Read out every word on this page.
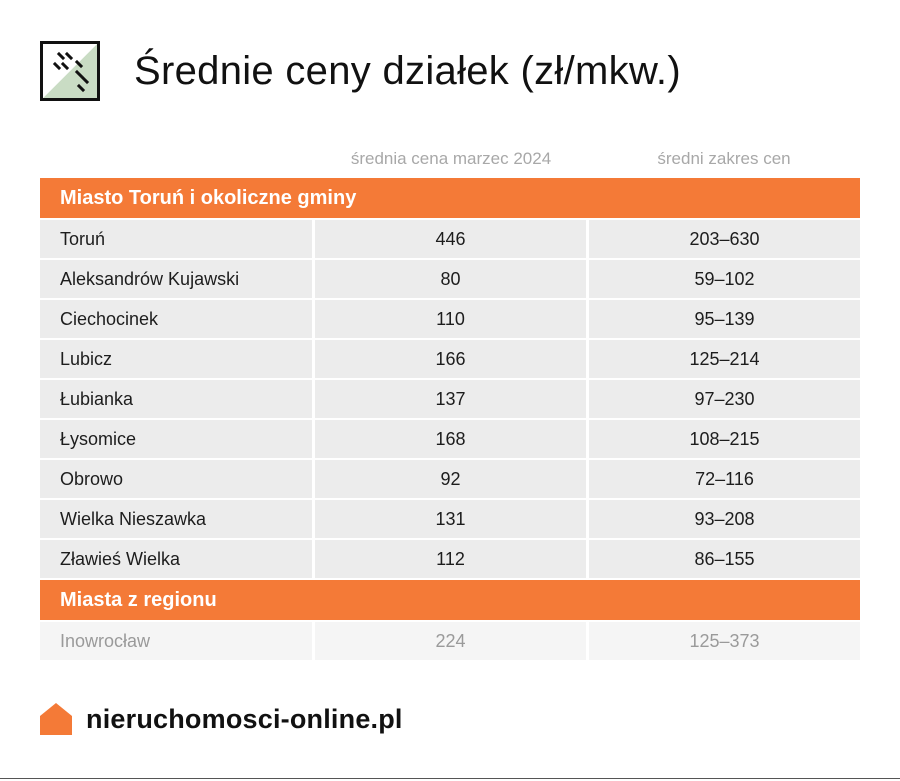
Średnie ceny działek (zł/mkw.)
średnia cena marzec 2024	średni zakres cen
Miasto Toruń i okoliczne gminy
Toruń	446	203–630
Aleksandrów Kujawski	80	59–102
Ciechocinek	110	95–139
Lubicz	166	125–214
Łubianka	137	97–230
Łysomice	168	108–215
Obrowo	92	72–116
Wielka Nieszawka	131	93–208
Zławieś Wielka	112	86–155
Miasta z regionu
Inowrocław	224	125–373
nieruchomosci-online.pl
